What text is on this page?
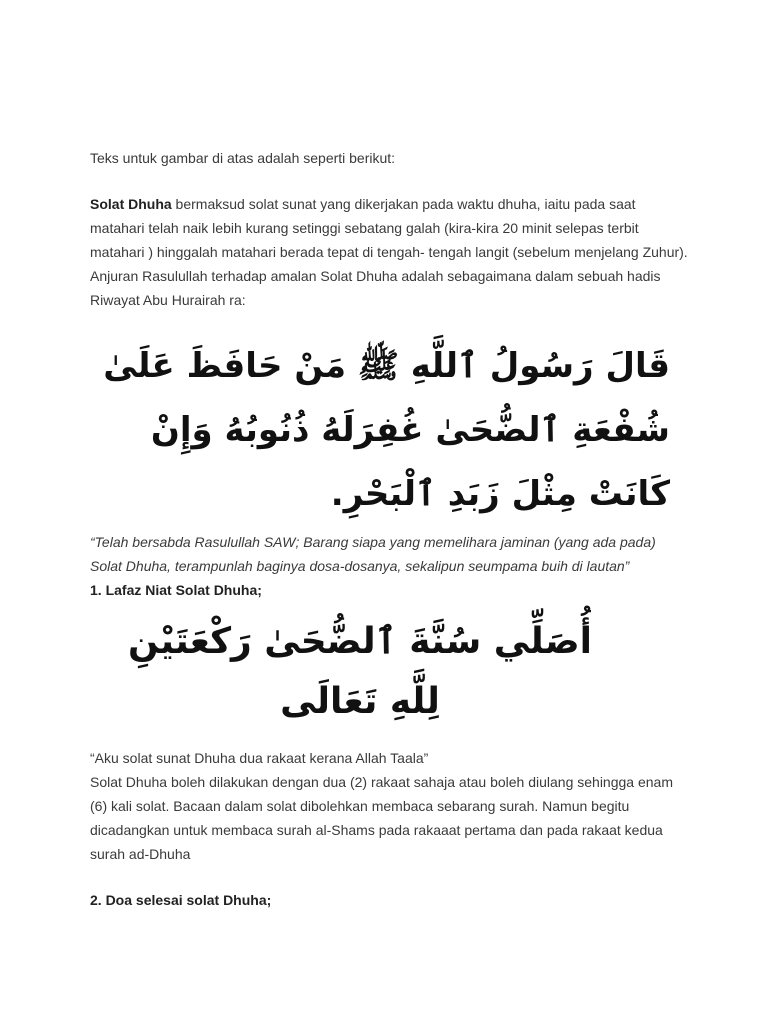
Teks untuk gambar di atas adalah seperti berikut:

Solat Dhuha bermaksud solat sunat yang dikerjakan pada waktu dhuha, iaitu pada saat matahari telah naik lebih kurang setinggi sebatang galah (kira-kira 20 minit selepas terbit matahari ) hinggalah matahari berada tepat di tengah- tengah langit (sebelum menjelang Zuhur).

Anjuran Rasulullah terhadap amalan Solat Dhuha adalah sebagaimana dalam sebuah hadis Riwayat Abu Hurairah ra:

قَالَ رَسُولُ ٱللَّهِ ﷺ مَنْ حَافَظَ عَلَىٰ شُفْعَةِ ٱلضُّحَىٰ غُفِرَلَهُ ذُنُوبُهُ وَإِنْ كَانَتْ مِثْلَ زَبَدِ ٱلْبَحْرِ.

“Telah bersabda Rasulullah SAW; Barang siapa yang memelihara jaminan (yang ada pada) Solat Dhuha, terampunlah baginya dosa-dosanya, sekalipun seumpama buih di lautan”

1. Lafaz Niat Solat Dhuha;
أُصَلِّي سُنَّةَ ٱلضُّحَىٰ رَكْعَتَيْنِ لِلَّهِ تَعَالَى

“Aku solat sunat Dhuha dua rakaat kerana Allah Taala”

Solat Dhuha boleh dilakukan dengan dua (2) rakaat sahaja atau boleh diulang sehingga enam (6) kali solat. Bacaan dalam solat dibolehkan membaca sebarang surah. Namun begitu dicadangkan untuk membaca surah al-Shams pada rakaaat pertama dan pada rakaat kedua surah ad-Dhuha

2. Doa selesai solat Dhuha;
